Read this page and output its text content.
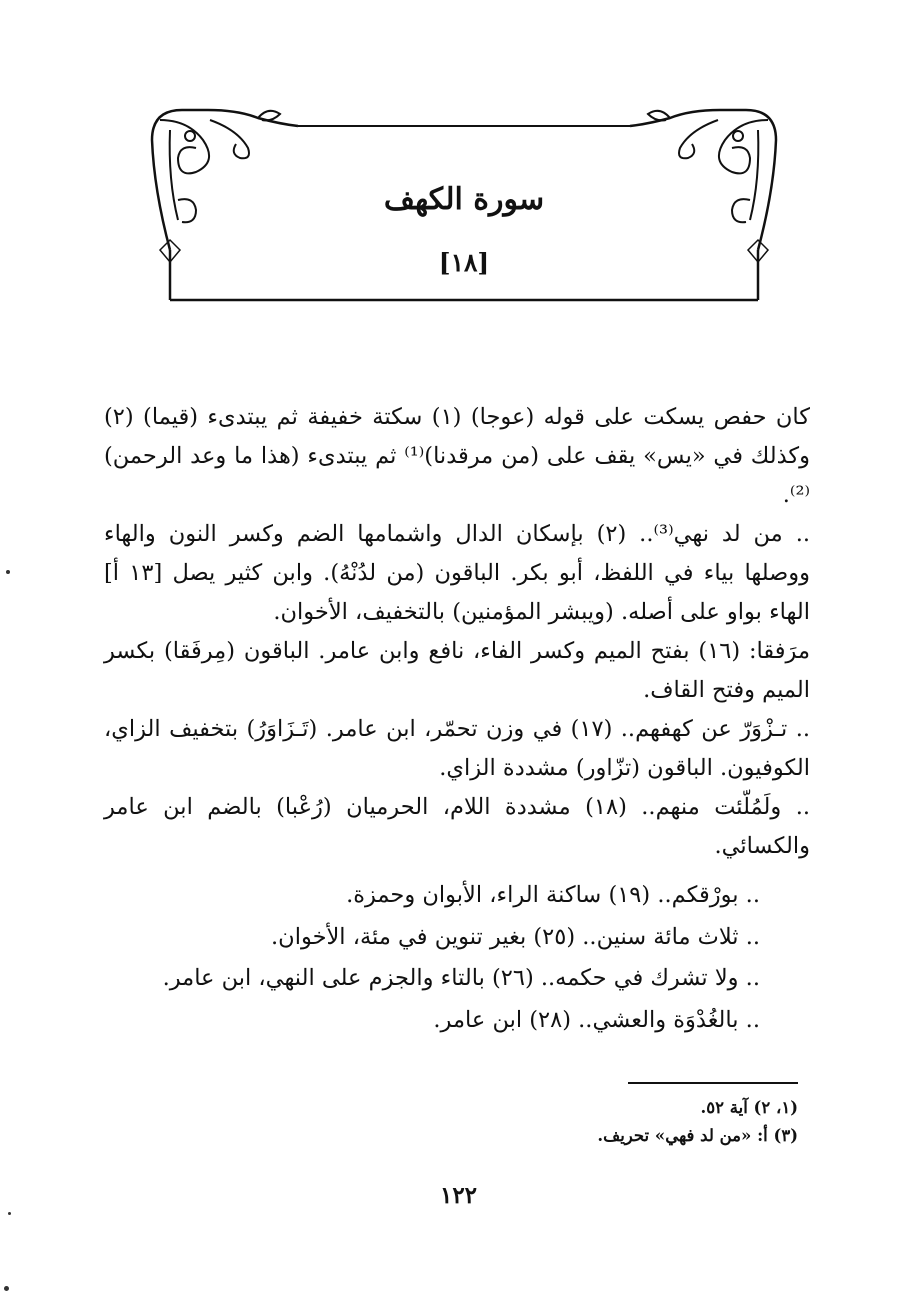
سورة الكهف
[١٨]

كان حفص يسكت على قوله (عوجا) (١) سكتة خفيفة ثم يبتدىء (قيما) (٢) وكذلك في «يس» يقف على (من مرقدنا)⁽¹⁾ ثم يبتدىء (هذا ما وعد الرحمن)⁽²⁾.

.. من لد نهي⁽³⁾.. (٢) بإسكان الدال واشمامها الضم وكسر النون والهاء ووصلها بياء في اللفظ، أبو بكر. الباقون (من لدُنْهُ). وابن كثير يصل [١٣ أ] الهاء بواو على أصله. (ويبشر المؤمنين) بالتخفيف، الأخوان.

مرَفقا: (١٦) بفتح الميم وكسر الفاء، نافع وابن عامر. الباقون (مِرفَقا) بكسر الميم وفتح القاف.

.. تـزْوَرّ عن كهفهم.. (١٧) في وزن تحمّر، ابن عامر. (تَـزَاوَرُ) بتخفيف الزاي، الكوفيون. الباقون (تزّاور) مشددة الزاي.

.. ولَمُلّئت منهم.. (١٨) مشددة اللام، الحرميان (رُعْبا) بالضم ابن عامر والكسائي.

.. بورْقكم.. (١٩) ساكنة الراء، الأبوان وحمزة.

.. ثلاث مائة سنين.. (٢٥) بغير تنوين في مئة، الأخوان.

.. ولا تشرك في حكمه.. (٢٦) بالتاء والجزم على النهي، ابن عامر.

.. بالغُدْوَة والعشي.. (٢٨) ابن عامر.

(١، ٢) آية ٥٢.

(٣) أ: «من لد فهي» تحريف.

١٢٢
